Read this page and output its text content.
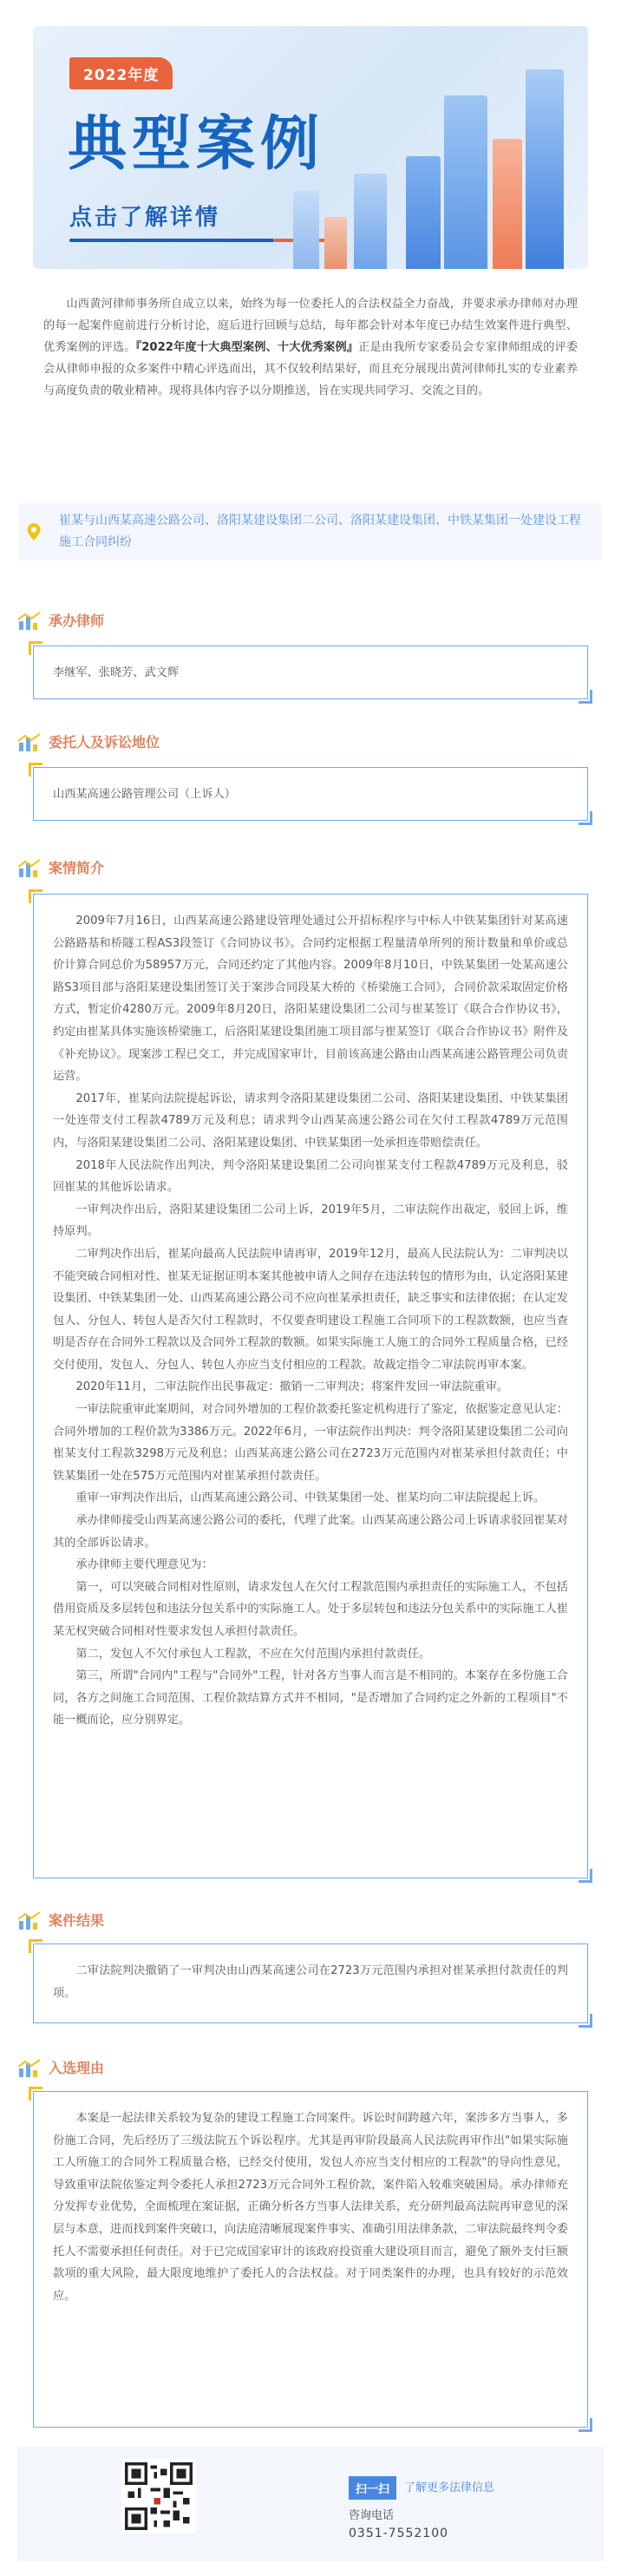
2022年度
典型案例
点击了解详情
山西黄河律师事务所自成立以来，始终为每一位委托人的合法权益全力奋战，并要求承办律师对办理的每一起案件庭前进行分析讨论，庭后进行回顾与总结，每年都会针对本年度已办结生效案件进行典型、优秀案例的评选。『2022年度十大典型案例、十大优秀案例』正是由我所专家委员会专家律师组成的评委会从律师申报的众多案件中精心评选而出，其不仅较利结果好，而且充分展现出黄河律师扎实的专业素养与高度负责的敬业精神。现将具体内容予以分期推送，旨在实现共同学习、交流之目的。
崔某与山西某高速公路公司、洛阳某建设集团二公司、洛阳某建设集团、中铁某集团一处建设工程施工合同纠纷
承办律师
李继军、张晓芳、武文辉
委托人及诉讼地位
山西某高速公路管理公司（上诉人）
案情简介

2009年7月16日，山西某高速公路建设管理处通过公开招标程序与中标人中铁某集团针对某高速公路路基和桥隧工程AS3段签订《合同协议书》。合同约定根据工程量清单所列的预计数量和单价或总价计算合同总价为58957万元，合同还约定了其他内容。2009年8月10日，中铁某集团一处某高速公路S3项目部与洛阳某建设集团签订关于案涉合同段某大桥的《桥梁施工合同》，合同价款采取固定价格方式，暂定价4280万元。2009年8月20日，洛阳某建设集团二公司与崔某签订《联合合作协议书》，约定由崔某具体实施该桥梁施工，后洛阳某建设集团施工项目部与崔某签订《联合合作协议书》附件及《补充协议》。现案涉工程已交工，并完成国家审计，目前该高速公路由山西某高速公路管理公司负责运营。

2017年，崔某向法院提起诉讼，请求判令洛阳某建设集团二公司、洛阳某建设集团、中铁某集团一处连带支付工程款4789万元及利息；请求判令山西某高速公路公司在欠付工程款4789万元范围内，与洛阳某建设集团二公司、洛阳某建设集团、中铁某集团一处承担连带赔偿责任。

2018年人民法院作出判决，判令洛阳某建设集团二公司向崔某支付工程款4789万元及利息，驳回崔某的其他诉讼请求。

一审判决作出后，洛阳某建设集团二公司上诉，2019年5月，二审法院作出裁定，驳回上诉，维持原判。

二审判决作出后，崔某向最高人民法院申请再审，2019年12月，最高人民法院认为：二审判决以不能突破合同相对性、崔某无证据证明本案其他被申请人之间存在违法转包的情形为由，认定洛阳某建设集团、中铁某集团一处、山西某高速公路公司不应向崔某承担责任，缺乏事实和法律依据；在认定发包人、分包人、转包人是否欠付工程款时，不仅要查明建设工程施工合同项下的工程款数额，也应当查明是否存在合同外工程款以及合同外工程款的数额。如果实际施工人施工的合同外工程质量合格，已经交付使用，发包人、分包人、转包人亦应当支付相应的工程款。故裁定指令二审法院再审本案。

2020年11月，二审法院作出民事裁定：撤销一二审判决；将案件发回一审法院重审。

一审法院重审此案期间，对合同外增加的工程价款委托鉴定机构进行了鉴定，依据鉴定意见认定：合同外增加的工程价款为3386万元。2022年6月，一审法院作出判决：判令洛阳某建设集团二公司向崔某支付工程款3298万元及利息；山西某高速公路公司在2723万元范围内对崔某承担付款责任；中铁某集团一处在575万元范围内对崔某承担付款责任。

重审一审判决作出后，山西某高速公路公司、中铁某集团一处、崔某均向二审法院提起上诉。

承办律师接受山西某高速公路公司的委托，代理了此案。山西某高速公路公司上诉请求驳回崔某对其的全部诉讼请求。

承办律师主要代理意见为：

第一，可以突破合同相对性原则，请求发包人在欠付工程款范围内承担责任的实际施工人，不包括借用资质及多层转包和违法分包关系中的实际施工人。处于多层转包和违法分包关系中的实际施工人崔某无权突破合同相对性要求发包人承担付款责任。

第二，发包人不欠付承包人工程款，不应在欠付范围内承担付款责任。

第三，所谓"合同内"工程与"合同外"工程，针对各方当事人而言是不相同的。本案存在多份施工合同，各方之间施工合同范围、工程价款结算方式并不相同，"是否增加了合同约定之外新的工程项目"不能一概而论，应分别界定。

案件结果

二审法院判决撤销了一审判决由山西某高速公司在2723万元范围内承担对崔某承担付款责任的判项。

入选理由

本案是一起法律关系较为复杂的建设工程施工合同案件。诉讼时间跨越六年，案涉多方当事人，多份施工合同，先后经历了三级法院五个诉讼程序。尤其是再审阶段最高人民法院再审作出"如果实际施工人所施工的合同外工程质量合格，已经交付使用，发包人亦应当支付相应的工程款"的导向性意见，导致重审法院依鉴定判令委托人承担2723万元合同外工程价款，案件陷入较难突破困局。承办律师充分发挥专业优势，全面梳理在案证据，正确分析各方当事人法律关系，充分研判最高法院再审意见的深层与本意，进而找到案件突破口，向法庭清晰展现案件事实、准确引用法律条款，二审法院最终判令委托人不需要承担任何责任。对于已完成国家审计的该政府投资重大建设项目而言，避免了额外支付巨额款项的重大风险，最大限度地维护了委托人的合法权益。对于同类案件的办理，也具有较好的示范效应。

扫一扫	了解更多法律信息
咨询电话
0351-7552100
